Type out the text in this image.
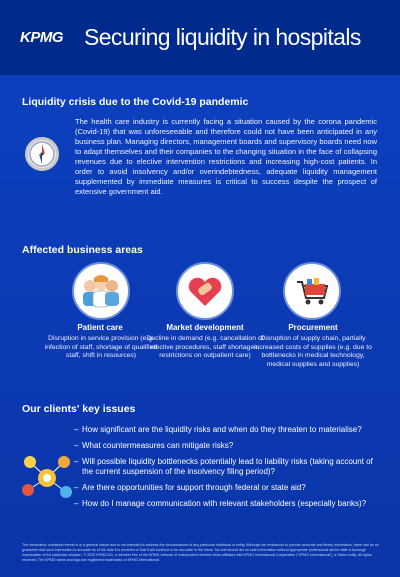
KPMG Securing liquidity in hospitals
Liquidity crisis due to the Covid-19 pandemic
The health care industry is currently facing a situation caused by the corona pandemic (Covid-19) that was unforeseeable and therefore could not have been anticipated in any business plan. Managing directors, management boards and supervisory boards need now to adapt themselves and their companies to the changing situation in the face of collapsing revenues due to elective intervention restrictions and increasing high-cost patients. In order to avoid insolvency and/or overindebtedness, adequate liquidity management supplemented by immediate measures is critical to success despite the prospect of extensive government aid.
Affected business areas
Patient care
Disruption in service provision (e.g. infection of staff, shortage of qualified staff, shift in resources)
Market development
Decline in demand (e.g. cancellation of elective procedures, staff shortages, restrictions on outpatient care)
Procurement
Disruption of supply chain, partially increased costs of supplies (e.g. due to bottlenecks in medical technology, medical supplies and supplies)
Our clients' key issues
– How significant are the liquidity risks and when do they threaten to materialise?
– What countermeasures can mitigate risks?
– Will possible liquidity bottlenecks potentially lead to liability risks (taking account of the current suspension of the insolvency filing period)?
– Are there opportunities for support through federal or state aid?
– How do I manage communication with relevant stakeholders (especially banks)?
The information contained herein is of a general nature and is not intended to address the circumstances of any particular individual or entity. Although we endeavour to provide accurate and timely information, there can be no guarantee that such information is accurate as of the date it is received or that it will continue to be accurate in the future. No one should act on such information without appropriate professional advice after a thorough examination of the particular situation. © 2020 KPMG AG, a member firm of the KPMG network of independent member firms affiliated with KPMG International Cooperative (“KPMG International”), a Swiss entity. All rights reserved. The KPMG name and logo are registered trademarks of KPMG International.
